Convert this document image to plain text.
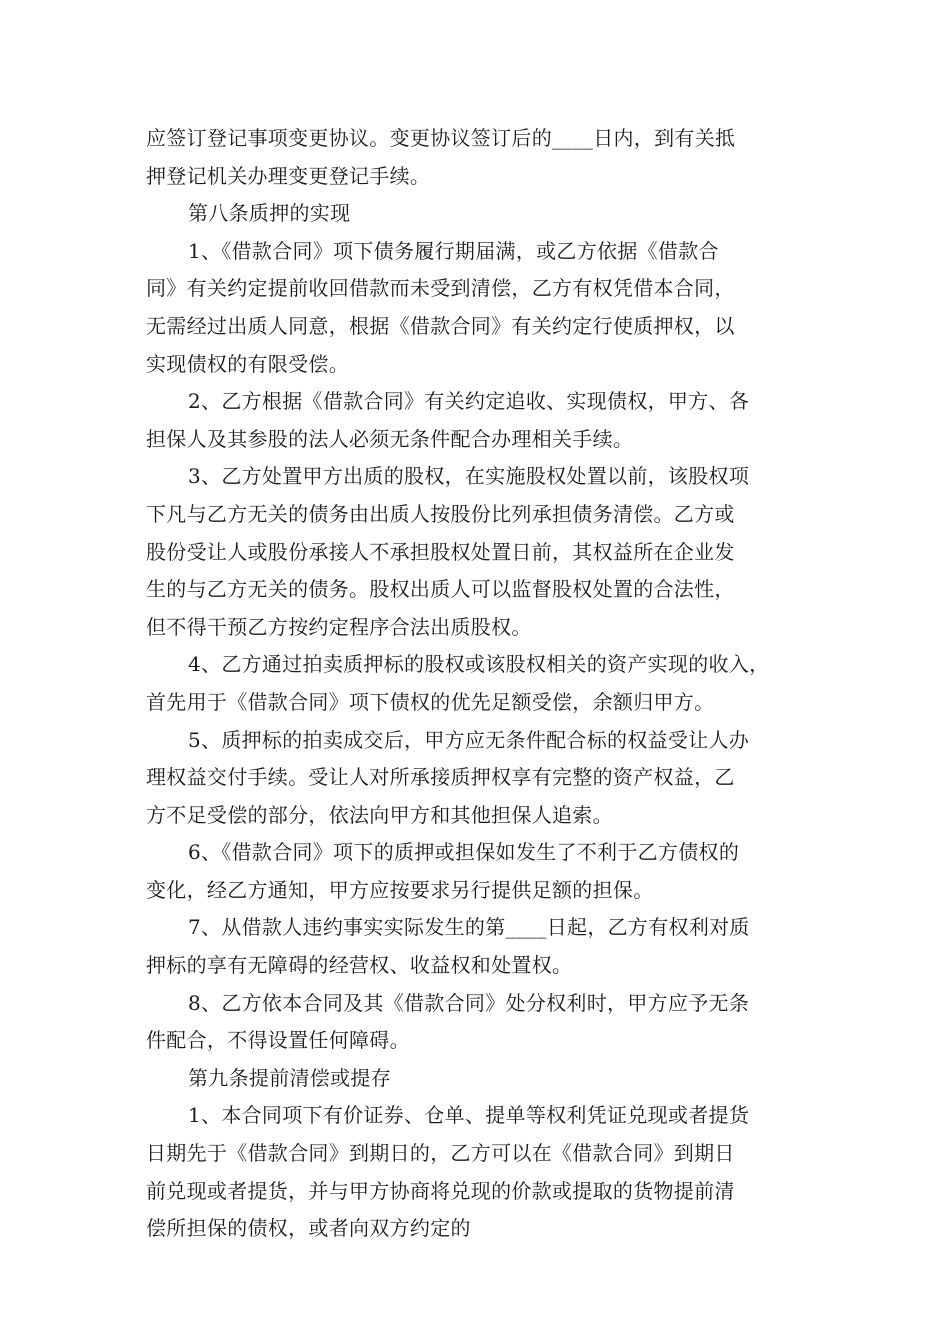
应签订登记事项变更协议。变更协议签订后的____日内，到有关抵
押登记机关办理变更登记手续。
第八条质押的实现
1、《借款合同》项下债务履行期届满，或乙方依据《借款合
同》有关约定提前收回借款而未受到清偿，乙方有权凭借本合同，
无需经过出质人同意，根据《借款合同》有关约定行使质押权，以
实现债权的有限受偿。
2、乙方根据《借款合同》有关约定追收、实现债权，甲方、各
担保人及其参股的法人必须无条件配合办理相关手续。
3、乙方处置甲方出质的股权，在实施股权处置以前，该股权项
下凡与乙方无关的债务由出质人按股份比列承担债务清偿。乙方或
股份受让人或股份承接人不承担股权处置日前，其权益所在企业发
生的与乙方无关的债务。股权出质人可以监督股权处置的合法性，
但不得干预乙方按约定程序合法出质股权。
4、乙方通过拍卖质押标的股权或该股权相关的资产实现的收入，
首先用于《借款合同》项下债权的优先足额受偿，余额归甲方。
5、质押标的拍卖成交后，甲方应无条件配合标的权益受让人办
理权益交付手续。受让人对所承接质押权享有完整的资产权益，乙
方不足受偿的部分，依法向甲方和其他担保人追索。
6、《借款合同》项下的质押或担保如发生了不利于乙方债权的
变化，经乙方通知，甲方应按要求另行提供足额的担保。
7、从借款人违约事实实际发生的第____日起，乙方有权利对质
押标的享有无障碍的经营权、收益权和处置权。
8、乙方依本合同及其《借款合同》处分权利时，甲方应予无条
件配合，不得设置任何障碍。
第九条提前清偿或提存
1、本合同项下有价证券、仓单、提单等权利凭证兑现或者提货
日期先于《借款合同》到期日的，乙方可以在《借款合同》到期日
前兑现或者提货，并与甲方协商将兑现的价款或提取的货物提前清
偿所担保的债权，或者向双方约定的
